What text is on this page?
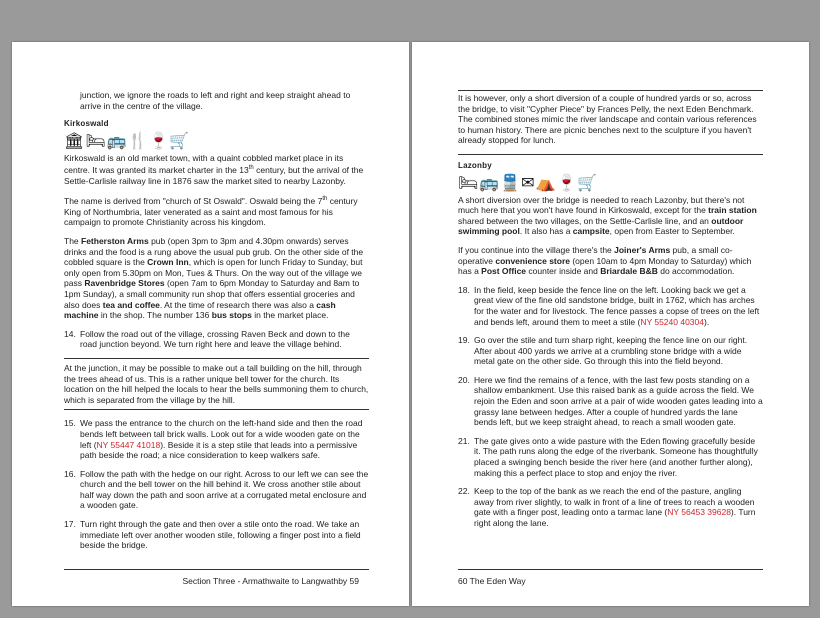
junction, we ignore the roads to left and right and keep straight ahead to arrive in the centre of the village.

Kirkoswald
🏛🛏🚌🍴🍷🛒

Kirkoswald is an old market town, with a quaint cobbled market place in its centre. It was granted its market charter in the 13th century, but the arrival of the Settle-Carlisle railway line in 1876 saw the market sited to nearby Lazonby.

The name is derived from "church of St Oswald". Oswald being the 7th century King of Northumbria, later venerated as a saint and most famous for his campaign to promote Christianity across his kingdom.

The Fetherston Arms pub (open 3pm to 3pm and 4.30pm onwards) serves drinks and the food is a rung above the usual pub grub. On the other side of the cobbled square is the Crown Inn, which is open for lunch Friday to Sunday, but only open from 5.30pm on Mon, Tues & Thurs. On the way out of the village we pass Ravenbridge Stores (open 7am to 6pm Monday to Saturday and 8am to 1pm Sunday), a small community run shop that offers essential groceries and also does tea and coffee. At the time of research there was also a cash machine in the shop. The number 136 bus stops in the market place.

14. Follow the road out of the village, crossing Raven Beck and down to the road junction beyond. We turn right here and leave the village behind.
At the junction, it may be possible to make out a tall building on the hill, through the trees ahead of us. This is a rather unique bell tower for the church. Its location on the hill helped the locals to hear the bells summoning them to church, which is separated from the village by the hill.
15. We pass the entrance to the church on the left-hand side and then the road bends left between tall brick walls. Look out for a wide wooden gate on the left (NY 55447 41018). Beside it is a step stile that leads into a permissive path beside the road; a nice consideration to keep walkers safe.
16. Follow the path with the hedge on our right. Across to our left we can see the church and the bell tower on the hill behind it. We cross another stile about half way down the path and soon arrive at a corrugated metal enclosure and a wooden gate.
17. Turn right through the gate and then over a stile onto the road. We take an immediate left over another wooden stile, following a finger post into a field beside the bridge.
Section Three - Armathwaite to Langwathby 59

It is however, only a short diversion of a couple of hundred yards or so, across the bridge, to visit "Cypher Piece" by Frances Pelly, the next Eden Benchmark. The combined stones mimic the river landscape and contain various references to human history. There are picnic benches next to the sculpture if you haven't already stopped for lunch.

Lazonby
🛏🚌🚆✉⛺🍷🛒

A short diversion over the bridge is needed to reach Lazonby, but there's not much here that you won't have found in Kirkoswald, except for the train station shared between the two villages, on the Settle-Carlisle line, and an outdoor swimming pool. It also has a campsite, open from Easter to September.

If you continue into the village there's the Joiner's Arms pub, a small co-operative convenience store (open 10am to 4pm Monday to Saturday) which has a Post Office counter inside and Briardale B&B do accommodation.

18. In the field, keep beside the fence line on the left. Looking back we get a great view of the fine old sandstone bridge, built in 1762, which has arches for the water and for livestock. The fence passes a copse of trees on the left and bends left, around them to meet a stile (NY 55240 40304).
19. Go over the stile and turn sharp right, keeping the fence line on our right. After about 400 yards we arrive at a crumbling stone bridge with a wide metal gate on the other side. Go through this into the field beyond.
20. Here we find the remains of a fence, with the last few posts standing on a shallow embankment. Use this raised bank as a guide across the field. We rejoin the Eden and soon arrive at a pair of wide wooden gates leading into a grassy lane between hedges. After a couple of hundred yards the lane bends left, but we keep straight ahead, to reach a small wooden gate.
21. The gate gives onto a wide pasture with the Eden flowing gracefully beside it. The path runs along the edge of the riverbank. Someone has thoughtfully placed a swinging bench beside the river here (and another further along), making this a perfect place to stop and enjoy the river.
22. Keep to the top of the bank as we reach the end of the pasture, angling away from river slightly, to walk in front of a line of trees to reach a wooden gate with a finger post, leading onto a tarmac lane (NY 56453 39628). Turn right along the lane.
60 The Eden Way
